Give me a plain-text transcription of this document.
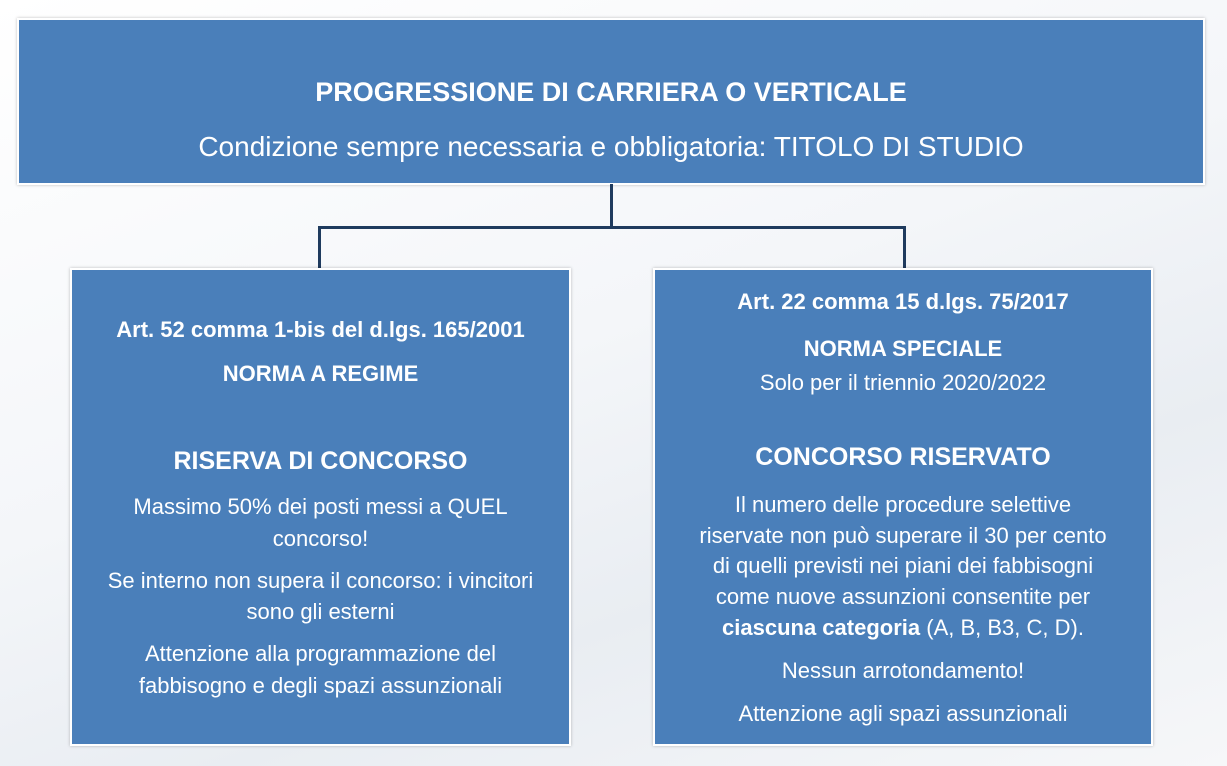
PROGRESSIONE DI CARRIERA O VERTICALE
Condizione sempre necessaria e obbligatoria: TITOLO DI STUDIO
Art. 52 comma 1-bis del d.lgs. 165/2001
NORMA A REGIME
RISERVA DI CONCORSO
Massimo 50% dei posti messi a QUEL
concorso!
Se interno non supera il concorso: i vincitori
sono gli esterni
Attenzione alla programmazione del
fabbisogno e degli spazi assunzionali
Art. 22 comma 15 d.lgs. 75/2017
NORMA SPECIALE
Solo per il triennio 2020/2022
CONCORSO RISERVATO
Il numero delle procedure selettive
riservate non può superare il 30 per cento
di quelli previsti nei piani dei fabbisogni
come nuove assunzioni consentite per
ciascuna categoria (A, B, B3, C, D).
Nessun arrotondamento!
Attenzione agli spazi assunzionali
